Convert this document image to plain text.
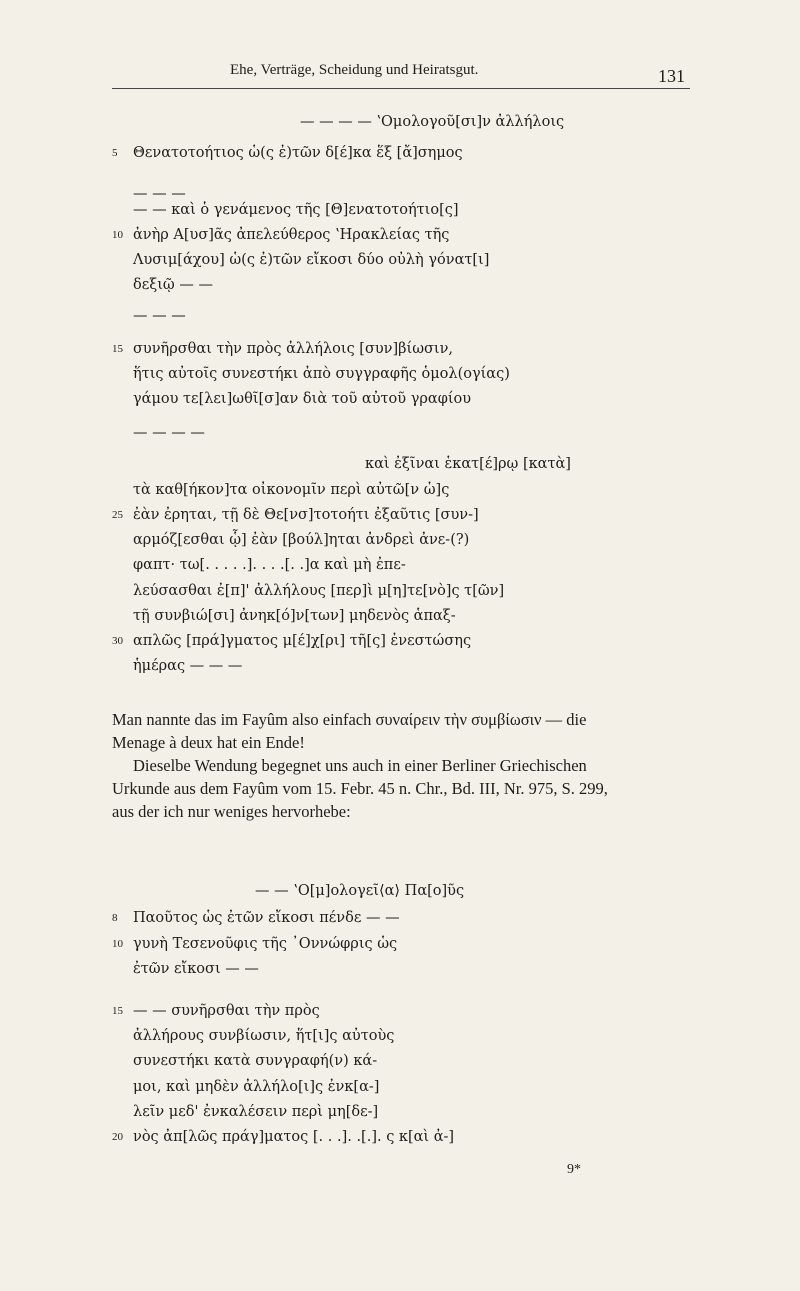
Ehe, Verträge, Scheidung und Heiratsgut.	131
— — — — ʽΟμολογοῦ[σι]ν ἀλλήλοις
5 Θενατοτοήτιος ὡ(ς ἐ)τῶν δ[έ]κα ἕξ [ἄ]σημος
— — —
— — καὶ ὁ γενάμενος τῆς [Θ]ενατοτοήτιο[ς]
10 ἀνὴρ Α[υσ]ᾶς ἀπελεύθερος ʽΗρακλείας τῆς
Λυσιμ[άχου] ὡ(ς ἐ)τῶν εἴκοσι δύο οὐλὴ γόνατ[ι]
δεξιῷ — —
— — —
15 συνῆρσθαι τὴν πρὸς ἀλλήλοις [συν]βίωσιν,
ἥτις αὐτοῖς συνεστήκι ἀπὸ συγγραφῆς ὁμολ(ογίας)
γάμου τε[λει]ωθῖ[σ]αν διὰ τοῦ αὐτοῦ γραφίου
— — — —
καὶ ἐξῖναι ἑκατ[έ]ρῳ [κατὰ]
τὰ καθ[ήκον]τα οἰκονομῖν περὶ αὐτῶ[ν ὡ]ς
25 ἐὰν ἐρηται, τῇ δὲ Θε[νσ]τοτοήτι ἐξαῦτις [συν-]
αρμόζ[εσθαι ᾧ] ἐὰν [βούλ]ηται ἀνδρεὶ ἀνε-(?)
φαπτ· τω[. . . . .]. . . .[. .]α καὶ μὴ ἐπε-
λεύσασθαι ἐ[π]' ἀλλήλους [περ]ὶ μ[η]τε[νὸ]ς τ[ῶν]
τῇ συνβιώ[σι] ἀνηκ[ό]ν[των] μηδενὸς ἁπαξ-
30 απλῶς [πρά]γματος μ[έ]χ[ρι] τῆ[ς] ἐνεστώσης
ἡμέρας — — —
Man nannte das im Fayûm also einfach συναίρειν τὴν συμβίωσιν — die
Menage à deux hat ein Ende!
Dieselbe Wendung begegnet uns auch in einer Berliner Griechischen
Urkunde aus dem Fayûm vom 15. Febr. 45 n. Chr., Bd. III, Nr. 975, S. 299,
aus der ich nur weniges hervorhebe:
— — ʽΟ[μ]ολογεῖ⟨α⟩ Πα[ο]ῦς
8 Παοῦτος ὡς ἐτῶν εἴκοσι πένδε — —
10 γυνὴ Τεσενοῦφις τῆς ᾿Οννώφρις ὡς
ἐτῶν εἴκοσι — —
15 — — συνῆρσθαι τὴν πρὸς
ἀλλήρους συνβίωσιν, ἥτ[ι]ς αὐτοὺς
συνεστήκι κατὰ συνγραφή(ν) κά-
μοι, καὶ μηδὲν ἀλλήλο[ι]ς ἐνκ[α-]
λεῖν μεδ' ἐνκαλέσειν περὶ μη[δε-]
20 νὸς ἀπ[λῶς πράγ]ματος [. . .]. .[.]. ς κ[αὶ ἀ-]
9*
